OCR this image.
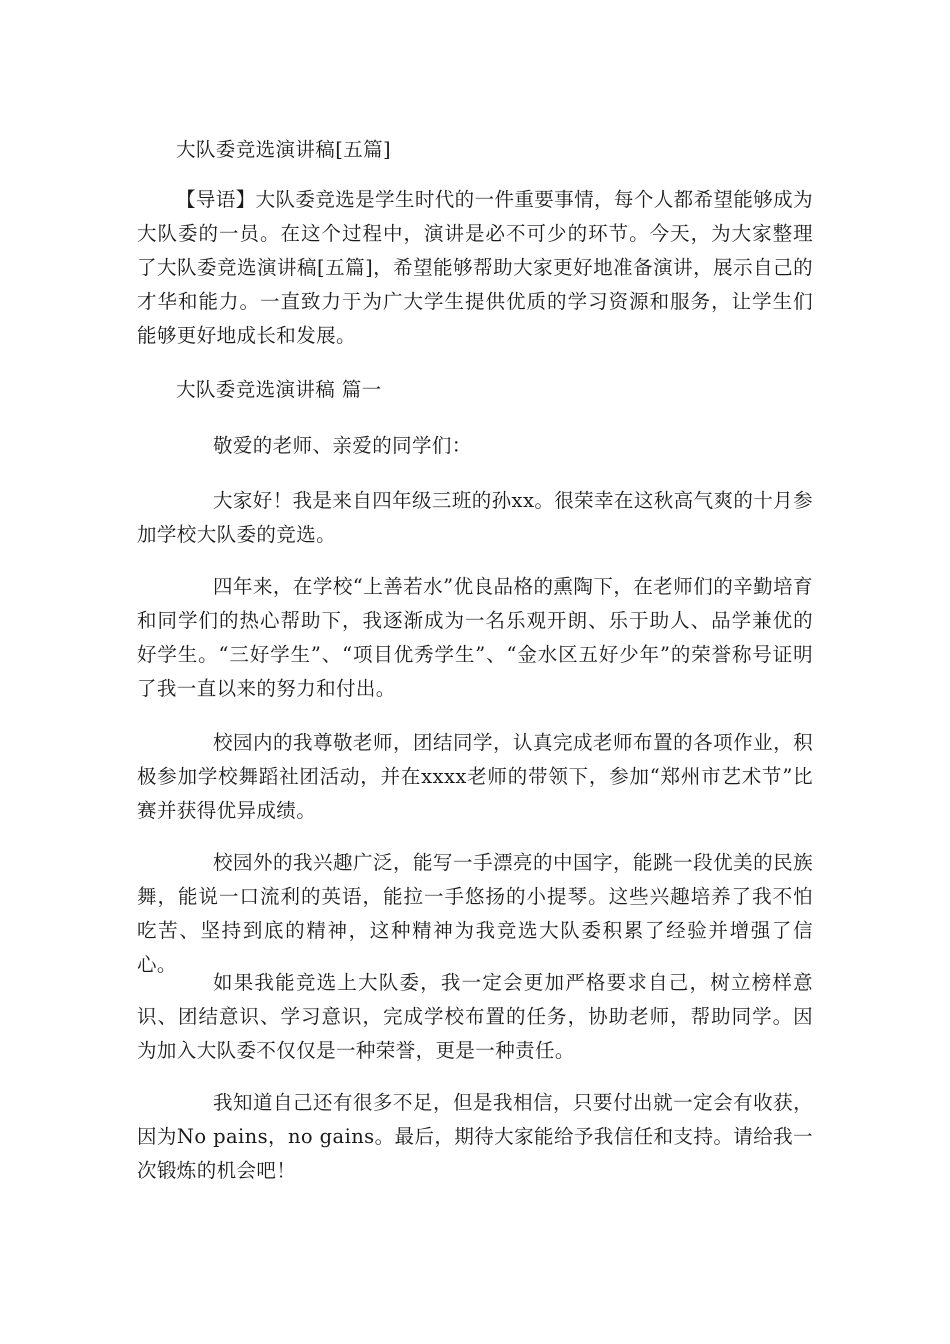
大队委竞选演讲稿[五篇]

【导语】大队委竞选是学生时代的一件重要事情，每个人都希望能够成为大队委的一员。在这个过程中，演讲是必不可少的环节。今天，为大家整理了大队委竞选演讲稿[五篇]，希望能够帮助大家更好地准备演讲，展示自己的才华和能力。一直致力于为广大学生提供优质的学习资源和服务，让学生们能够更好地成长和发展。

大队委竞选演讲稿 篇一

敬爱的老师、亲爱的同学们：

大家好！我是来自四年级三班的孙xx。很荣幸在这秋高气爽的十月参加学校大队委的竞选。

四年来，在学校“上善若水”优良品格的熏陶下，在老师们的辛勤培育和同学们的热心帮助下，我逐渐成为一名乐观开朗、乐于助人、品学兼优的好学生。“三好学生”、“项目优秀学生”、“金水区五好少年”的荣誉称号证明了我一直以来的努力和付出。

校园内的我尊敬老师，团结同学，认真完成老师布置的各项作业，积极参加学校舞蹈社团活动，并在xxxx老师的带领下，参加“郑州市艺术节”比赛并获得优异成绩。

校园外的我兴趣广泛，能写一手漂亮的中国字，能跳一段优美的民族舞，能说一口流利的英语，能拉一手悠扬的小提琴。这些兴趣培养了我不怕吃苦、坚持到底的精神，这种精神为我竞选大队委积累了经验并增强了信心。

如果我能竞选上大队委，我一定会更加严格要求自己，树立榜样意识、团结意识、学习意识，完成学校布置的任务，协助老师，帮助同学。因为加入大队委不仅仅是一种荣誉，更是一种责任。

我知道自己还有很多不足，但是我相信，只要付出就一定会有收获，因为No pains，no gains。最后，期待大家能给予我信任和支持。请给我一次锻炼的机会吧！
